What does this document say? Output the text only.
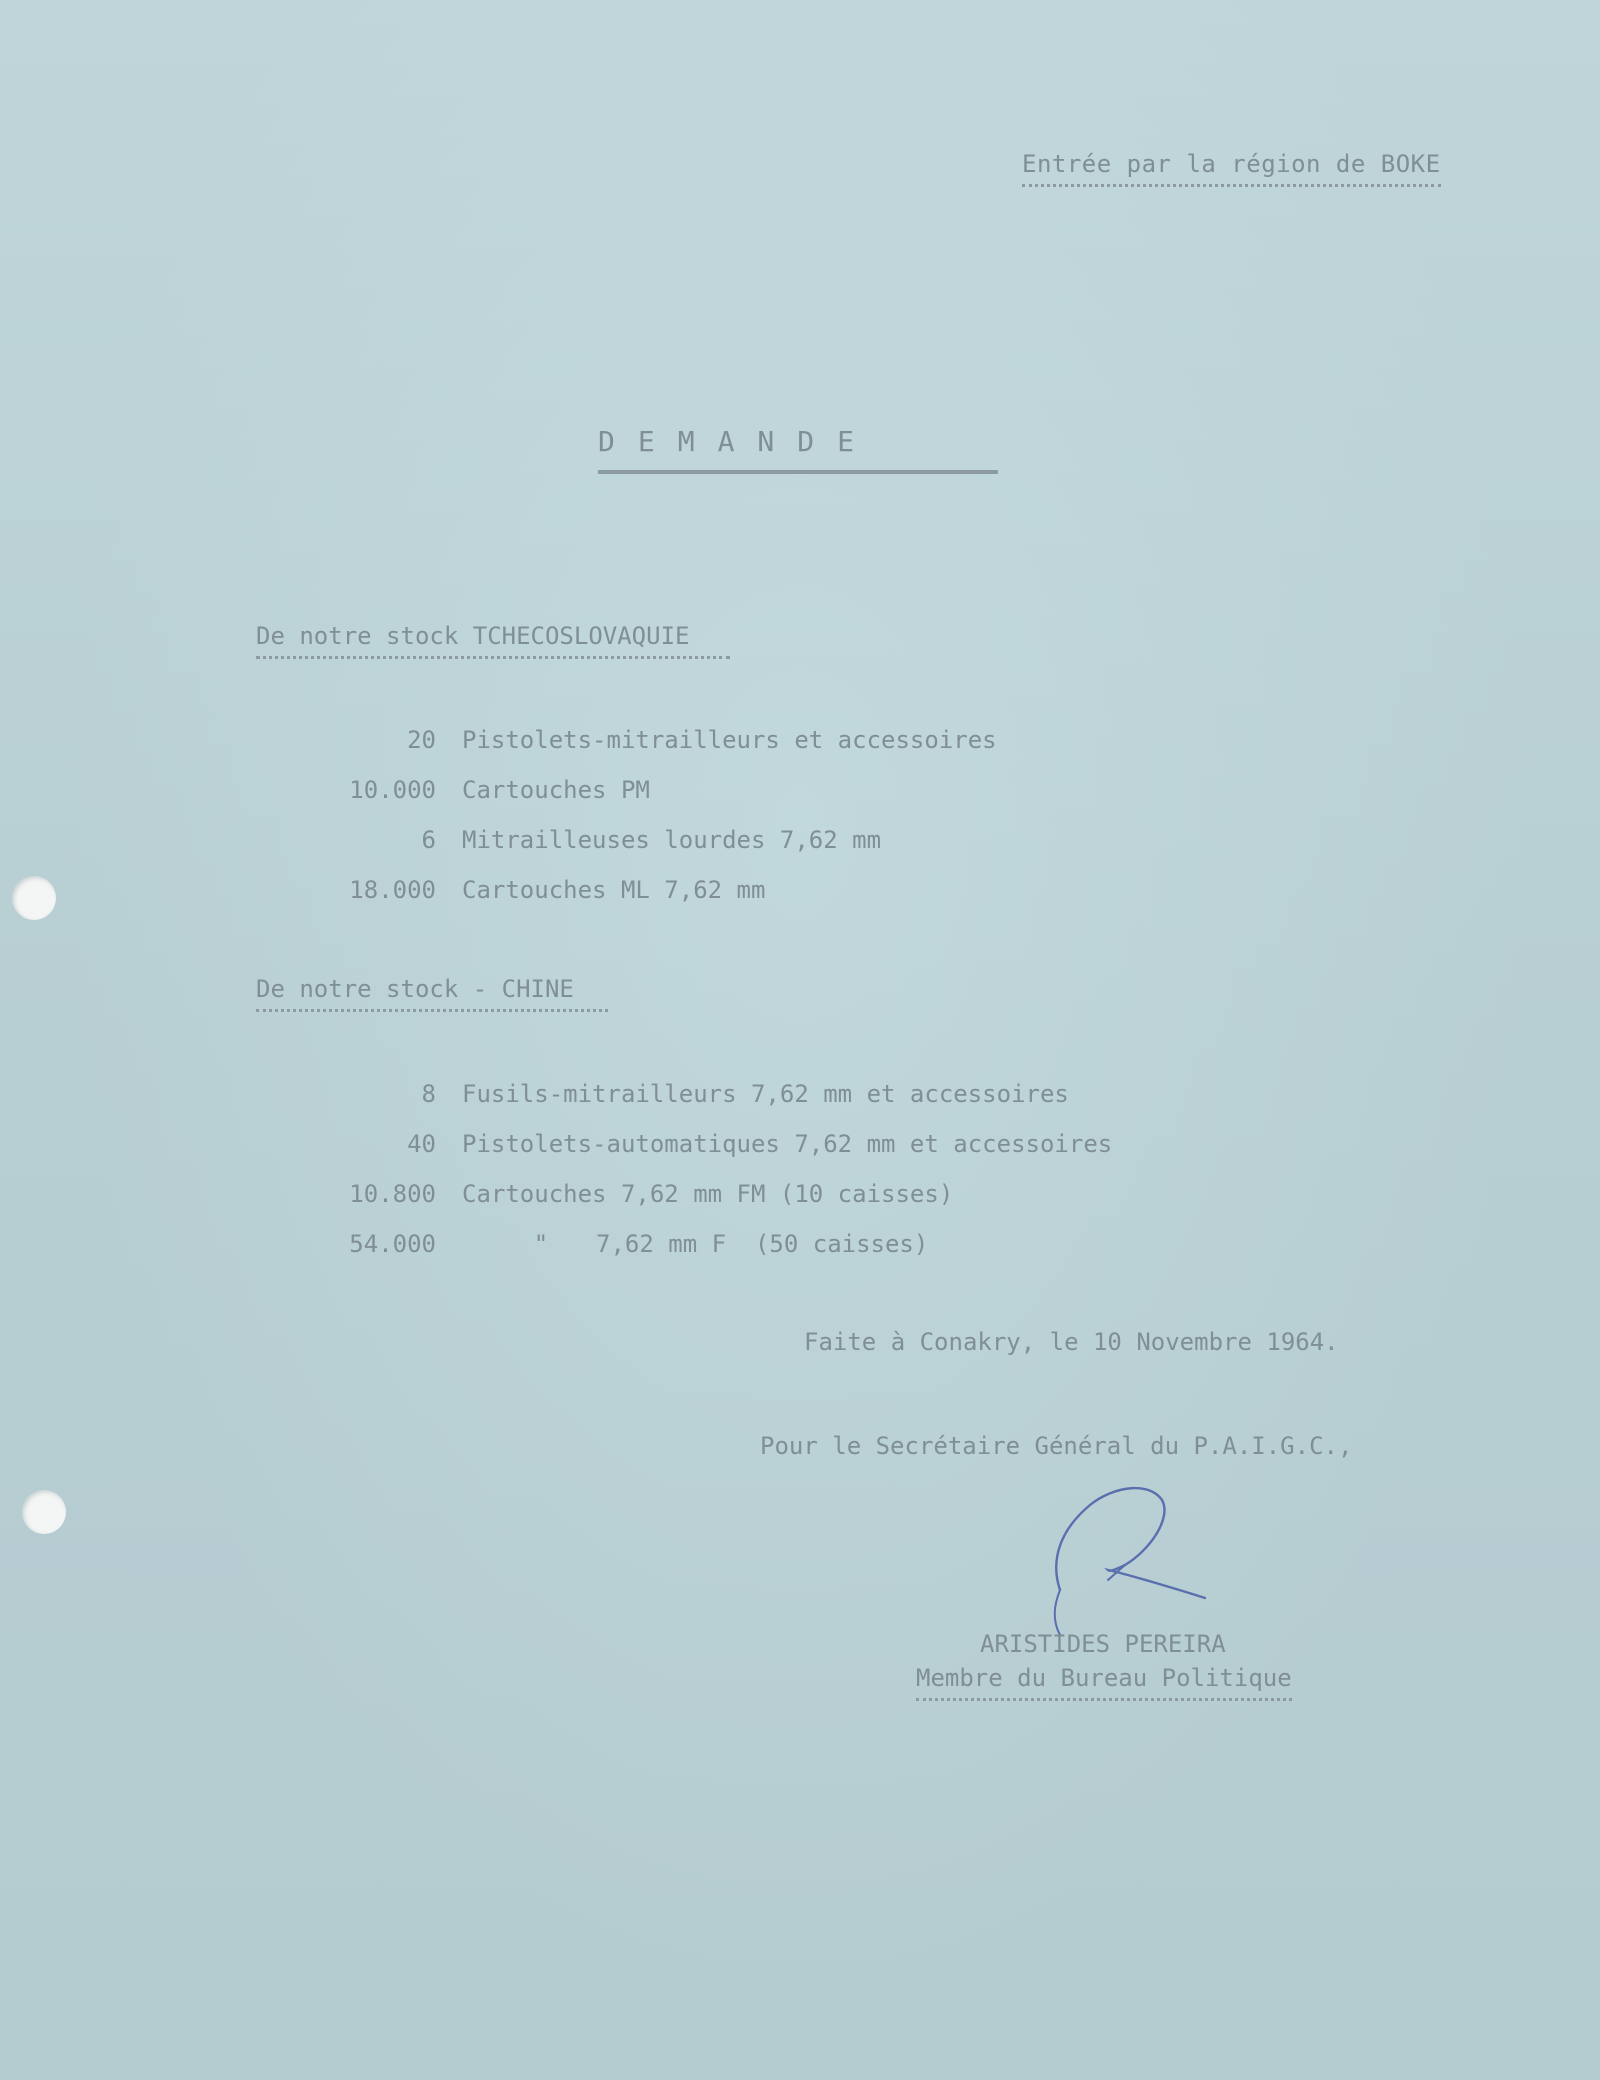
Entrée par la région de BOKE
DEMANDE
De notre stock TCHECOSLOVAQUIE
20 Pistolets-mitrailleurs et accessoires
10.000 Cartouches PM
6 Mitrailleuses lourdes 7,62 mm
18.000 Cartouches ML 7,62 mm
De notre stock - CHINE
8 Fusils-mitrailleurs 7,62 mm et accessoires
40 Pistolets-automatiques 7,62 mm et accessoires
10.800 Cartouches 7,62 mm FM (10 caisses)
54.000	" 7,62 mm F  (50 caisses)
Faite à Conakry, le 10 Novembre 1964.
Pour le Secrétaire Général du P.A.I.G.C.,
ARISTIDES PEREIRA
Membre du Bureau Politique
